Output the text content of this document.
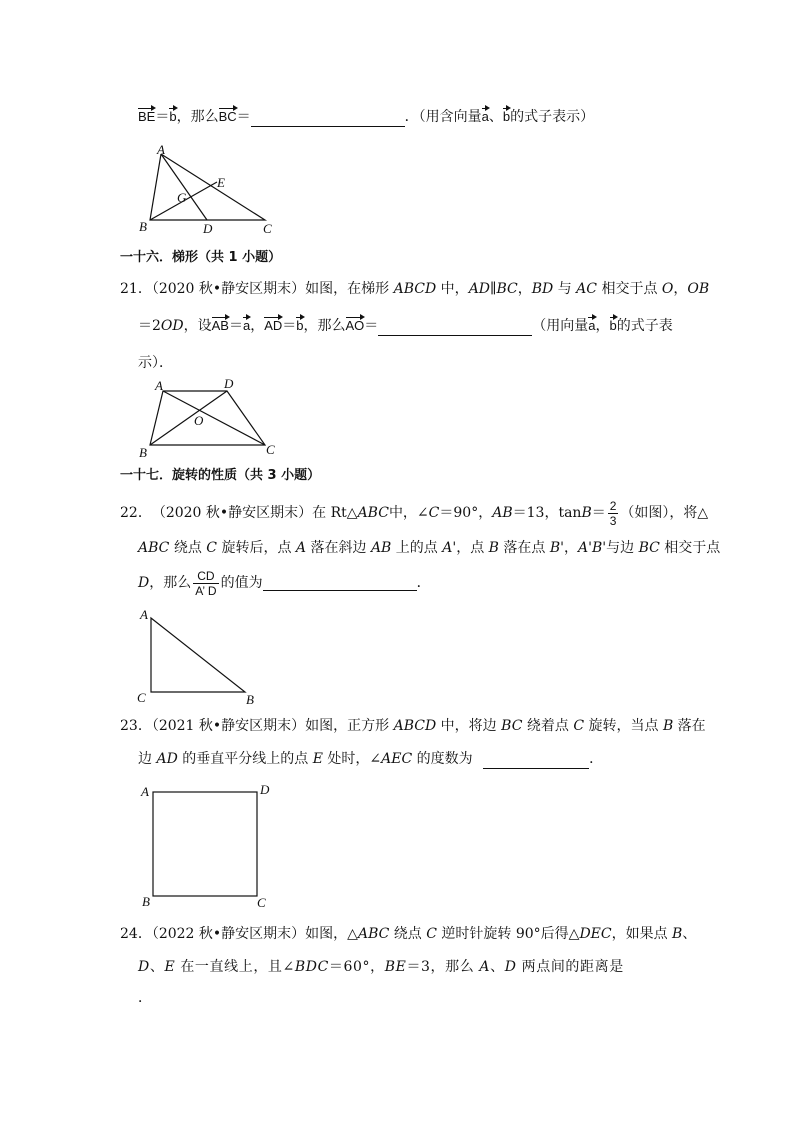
BE＝b，那么BC＝	．（用含向量a、b的式子表示）
A
E
G
B	D	C
一十六．梯形（共 1 小题）
21．（2020 秋•静安区期末）如图，在梯形 ABCD 中，AD∥BC，BD 与 AC 相交于点 O，OB
＝2OD，设AB＝a，AD＝b，那么AO＝	（用向量a，b的式子表
示）．
A	D
O
B	C
一十七．旋转的性质（共 3 小题）
22． （2020 秋•静安区期末） 在 Rt△ ABC 中，∠ C ＝90°， AB ＝13，$\tan B = \frac{2}{3}$ （如图），将△
ABC 绕点 C 旋转后，点 A 落在斜边 AB 上的点 A'，点 B 落在点 B'，A'B'与边 BC 相交于点
D ，那么 $\frac{CD}{A’ D}$ 的值为	．
A
C	B
23．（2021 秋•静安区期末）如图，正方形 ABCD 中，将边 BC 绕着点 C 旋转，当点 B 落在
边 AD 的垂直平分线上的点 E 处时，∠AEC 的度数为	．
A	D
B	C
24．（2022 秋•静安区期末）如图，△ABC 绕点 C 逆时针旋转 90°后得△DEC，如果点 B、
D、E 在一直线上，且∠BDC＝60°，BE＝3，那么 A、D 两点间的距离是
．
